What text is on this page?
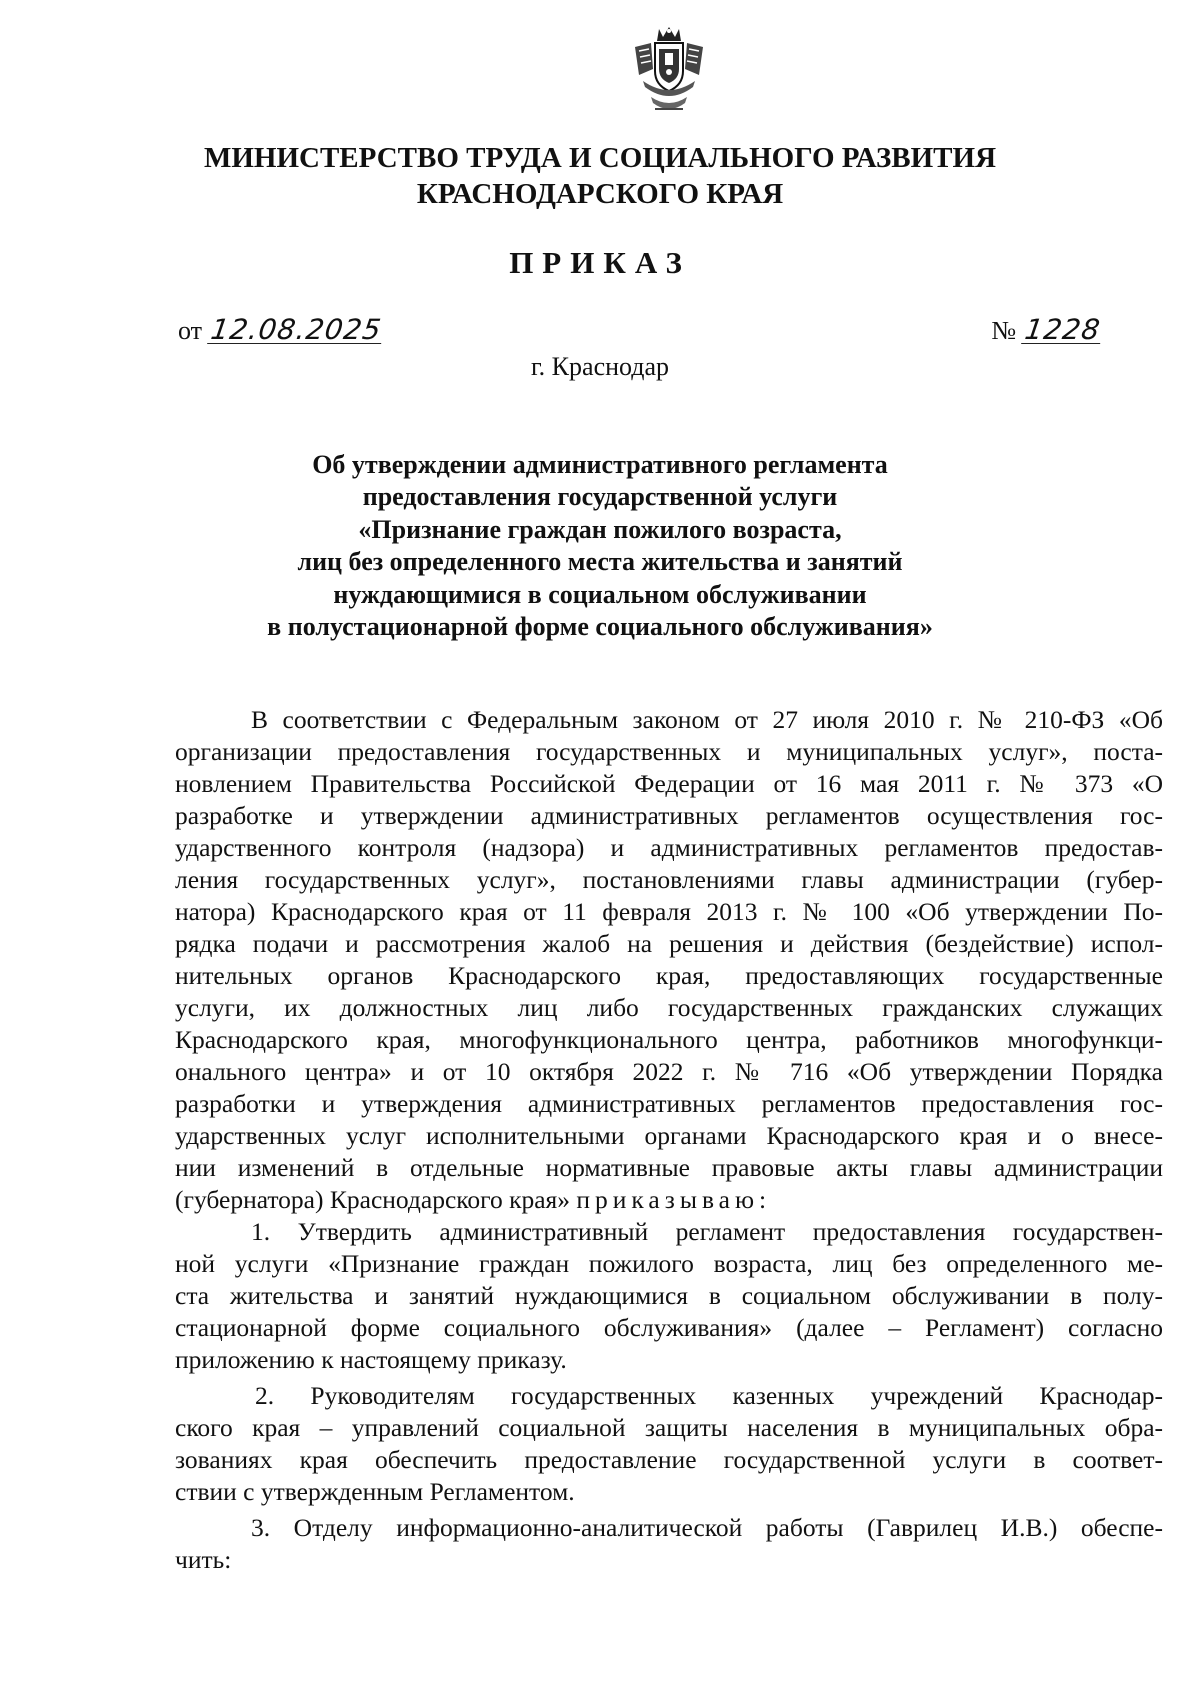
МИНИСТЕРСТВО ТРУДА И СОЦИАЛЬНОГО РАЗВИТИЯ
КРАСНОДАРСКОГО КРАЯ
ПРИКАЗ
от 12.08.2025	№ 1228
г. Краснодар
Об утверждении административного регламента
предоставления государственной услуги
«Признание граждан пожилого возраста,
лиц без определенного места жительства и занятий
нуждающимися в социальном обслуживании
в полустационарной форме социального обслуживания»
В соответствии с Федеральным законом от 27 июля 2010 г. № 210-ФЗ «Об
организации предоставления государственных и муниципальных услуг», поста-
новлением Правительства Российской Федерации от 16 мая 2011 г. № 373 «О
разработке и утверждении административных регламентов осуществления гос-
ударственного контроля (надзора) и административных регламентов предостав-
ления государственных услуг», постановлениями главы администрации (губер-
натора) Краснодарского края от 11 февраля 2013 г. № 100 «Об утверждении По-
рядка подачи и рассмотрения жалоб на решения и действия (бездействие) испол-
нительных органов Краснодарского края, предоставляющих государственные
услуги, их должностных лиц либо государственных гражданских служащих
Краснодарского края, многофункционального центра, работников многофункци-
онального центра» и от 10 октября 2022 г. № 716 «Об утверждении Порядка
разработки и утверждения административных регламентов предоставления гос-
ударственных услуг исполнительными органами Краснодарского края и о внесе-
нии изменений в отдельные нормативные правовые акты главы администрации
(губернатора) Краснодарского края» приказываю:
1. Утвердить административный регламент предоставления государствен-
ной услуги «Признание граждан пожилого возраста, лиц без определенного ме-
ста жительства и занятий нуждающимися в социальном обслуживании в полу-
стационарной форме социального обслуживания» (далее – Регламент) согласно
приложению к настоящему приказу.
2. Руководителям государственных казенных учреждений Краснодар-
ского края – управлений социальной защиты населения в муниципальных обра-
зованиях края обеспечить предоставление государственной услуги в соответ-
ствии с утвержденным Регламентом.
3. Отделу информационно-аналитической работы (Гаврилец И.В.) обеспе-
чить:
